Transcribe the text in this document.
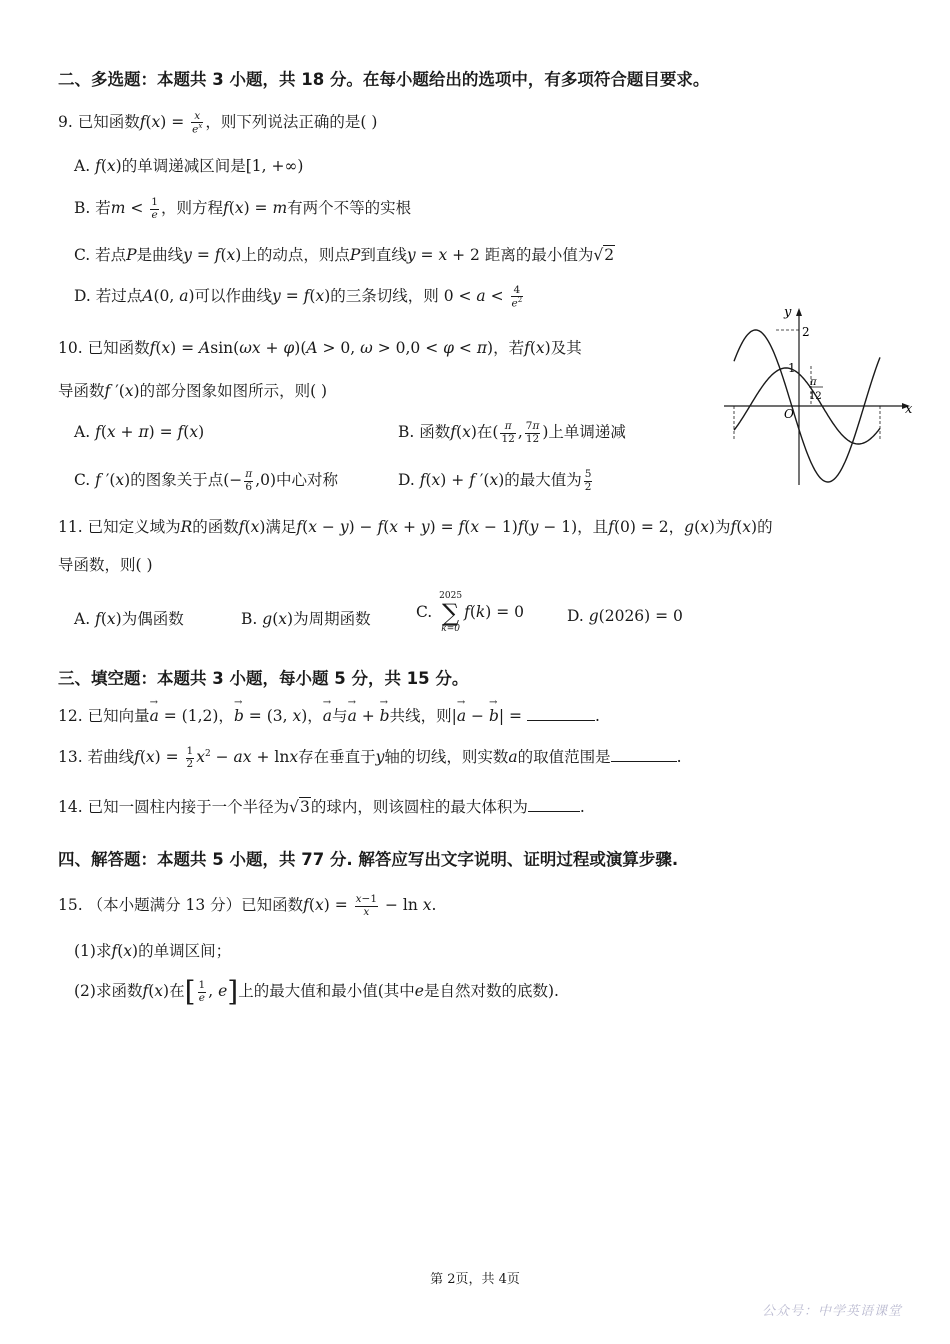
二、多选题：本题共 3 小题，共 18 分。在每小题给出的选项中，有多项符合题目要求。
9. 已知函数$f(x) = \frac{x}{e^x}$ ，则下列说法正确的是( )
A. f(x)的单调递减区间是[1, +∞)
B. 若$m < \frac{1}{e}$ ，则方程f(x) = m有两个不等的实根
C. 若点P是曲线y = f(x)上的动点，则点P到直线y = x + 2 距离的最小值为√2
D. 若过点A(0, a)可以作曲线y = f(x)的三条切线，则 $0 < a < \frac{4}{e^2}$
10. 已知函数f(x) = Asin(ωx + φ)(A > 0, ω > 0,0 < φ < π)，若f(x)及其
导函数f ′(x)的部分图象如图所示，则( )
A. f(x + π) = f(x)	B. 函数f(x)在( $\frac{\pi}{12}$ , $\frac{7\pi}{12}$ )上单调递减
C. f ′(x)的图象关于点(− $\frac{\pi}{6} ,0$)中心对称	D. f(x) + f ′(x)的最大值为 $\frac{5}{2}$
x
y
O
2
1
π
12
11. 已知定义域为R的函数f(x)满足f(x − y) − f(x + y) = f(x − 1)f(y − 1)，且f(0) = 2，g(x)为f(x)的
导函数，则( )
A. f(x)为偶函数	B. g(x)为周期函数	C. 2025
∑
k=0f(k) = 0	D. g(2026) = 0
三、填空题：本题共 3 小题，每小题 5 分，共 15 分。
12. 已知向量→ a = (1,2)，→ b = (3, x)，→ a与→ a + → b共线，则|→ a − → b| =	.
13. 若曲线$f(x) = \frac{1}{2} x^2$ − ax + lnx存在垂直于y轴的切线，则实数a的取值范围是	.
14. 已知一圆柱内接于一个半径为√3的球内，则该圆柱的最大体积为	.
四、解答题：本题共 5 小题，共 77 分. 解答应写出文字说明、证明过程或演算步骤.
15. （本小题满分 13 分）已知函数$f(x) = \frac{x-1}{x} - \ln x$.
(1)求f(x)的单调区间；
(2)求函数f(x)在[ $\frac{1}{e}$ , e]上的最大值和最小值(其中e是自然对数的底数).
第 2页，共 4页
公众号：中学英语课堂
